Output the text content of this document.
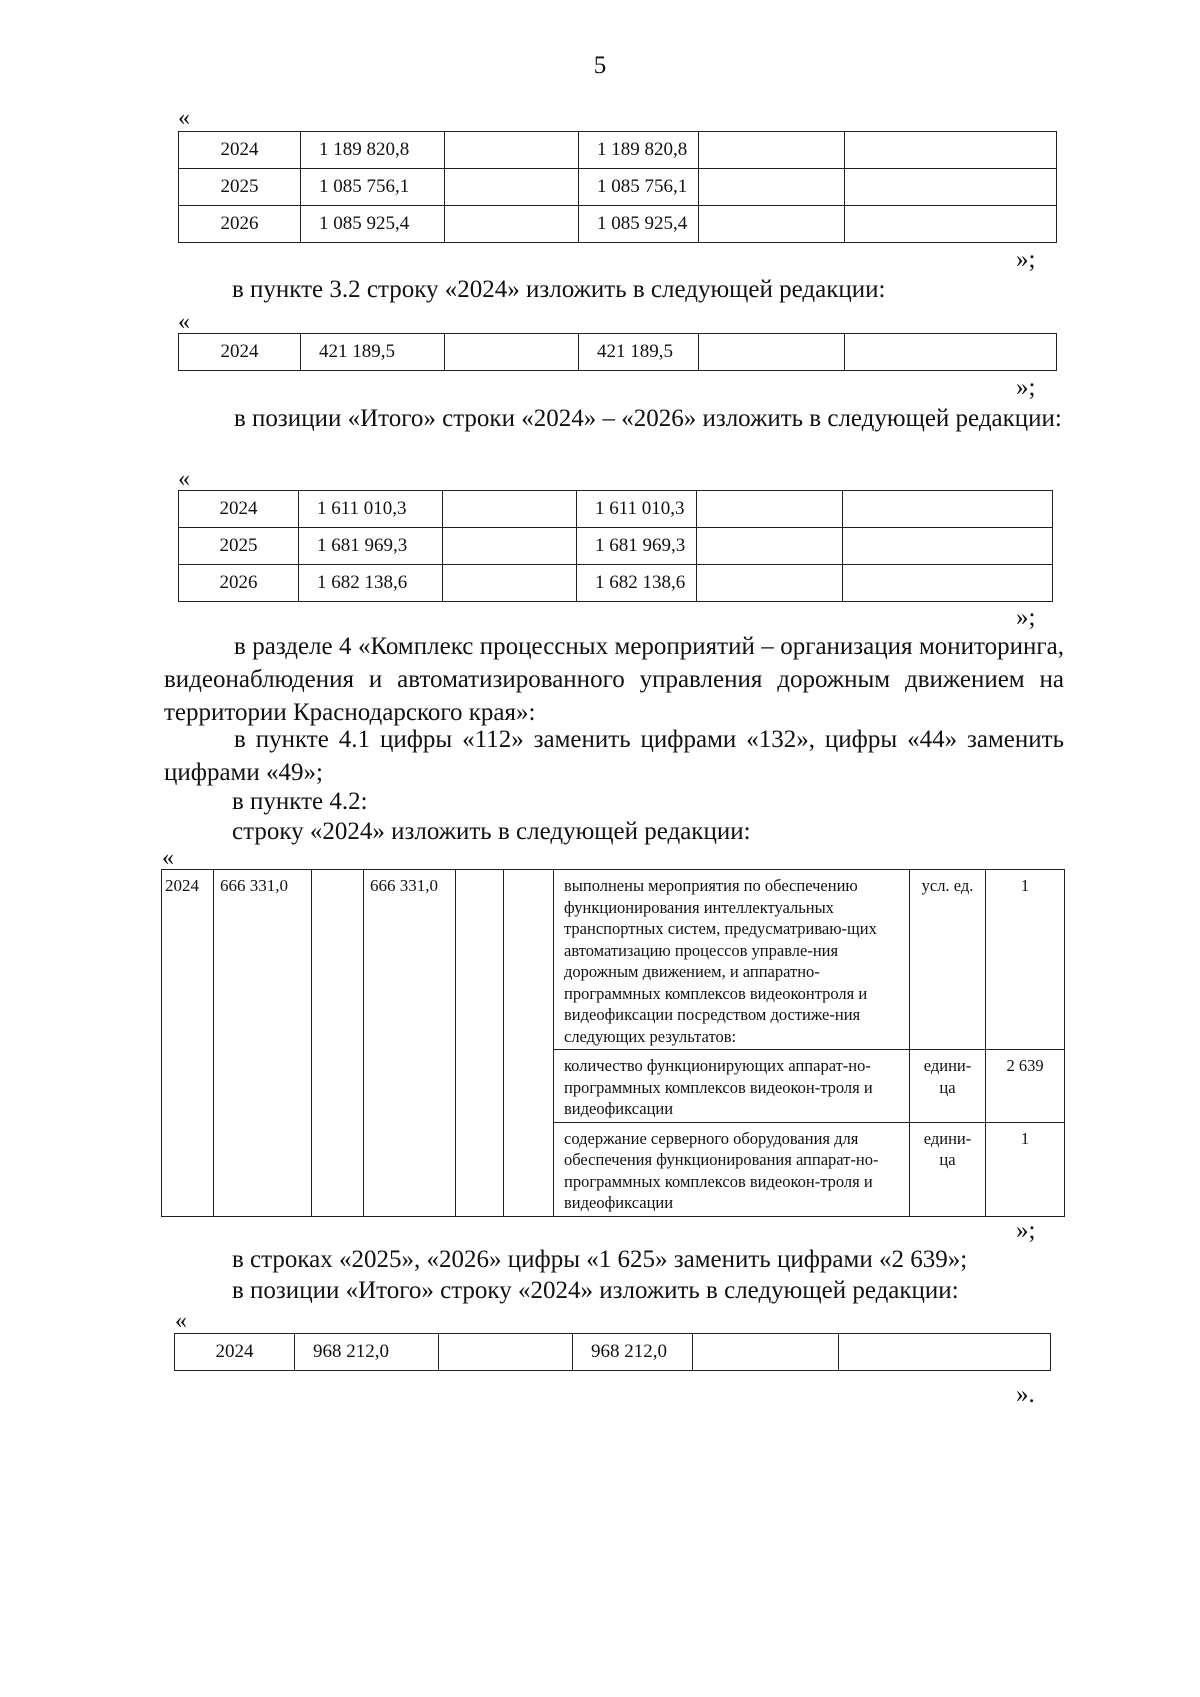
5
«
2024	1 189 820,8		1 189 820,8		
2025	1 085 756,1		1 085 756,1		
2026	1 085 925,4		1 085 925,4		
»;
в пункте 3.2 строку «2024» изложить в следующей редакции:
«
2024	421 189,5		421 189,5		
»;
в позиции «Итого» строки «2024» – «2026» изложить в следующей редакции:
«
2024	1 611 010,3		1 611 010,3		
2025	1 681 969,3		1 681 969,3		
2026	1 682 138,6		1 682 138,6		
»;
в разделе 4 «Комплекс процессных мероприятий – организация мониторинга, видеонаблюдения и автоматизированного управления дорожным движением на территории Краснодарского края»:
в пункте 4.1 цифры «112» заменить цифрами «132», цифры «44» заменить цифрами «49»;
в пункте 4.2:
строку «2024» изложить в следующей редакции:
«
2024	666 331,0		666 331,0			выполнены мероприятия по обеспечению функционирования интеллектуальных транспортных систем, предусматриваю-щих автоматизацию процессов управле-ния дорожным движением, и аппаратно-программных комплексов видеоконтроля и видеофиксации посредством достиже-ния следующих результатов:	усл. ед.	1
						количество функционирующих аппарат-но-программных комплексов видеокон-троля и видеофиксации	едини-ца	2 639
						содержание серверного оборудования для обеспечения функционирования аппарат-но-программных комплексов видеокон-троля и видеофиксации	едини-ца	1
»;
в строках «2025», «2026» цифры «1 625» заменить цифрами «2 639»;
в позиции «Итого» строку «2024» изложить в следующей редакции:
«
2024	968 212,0		968 212,0		
».
